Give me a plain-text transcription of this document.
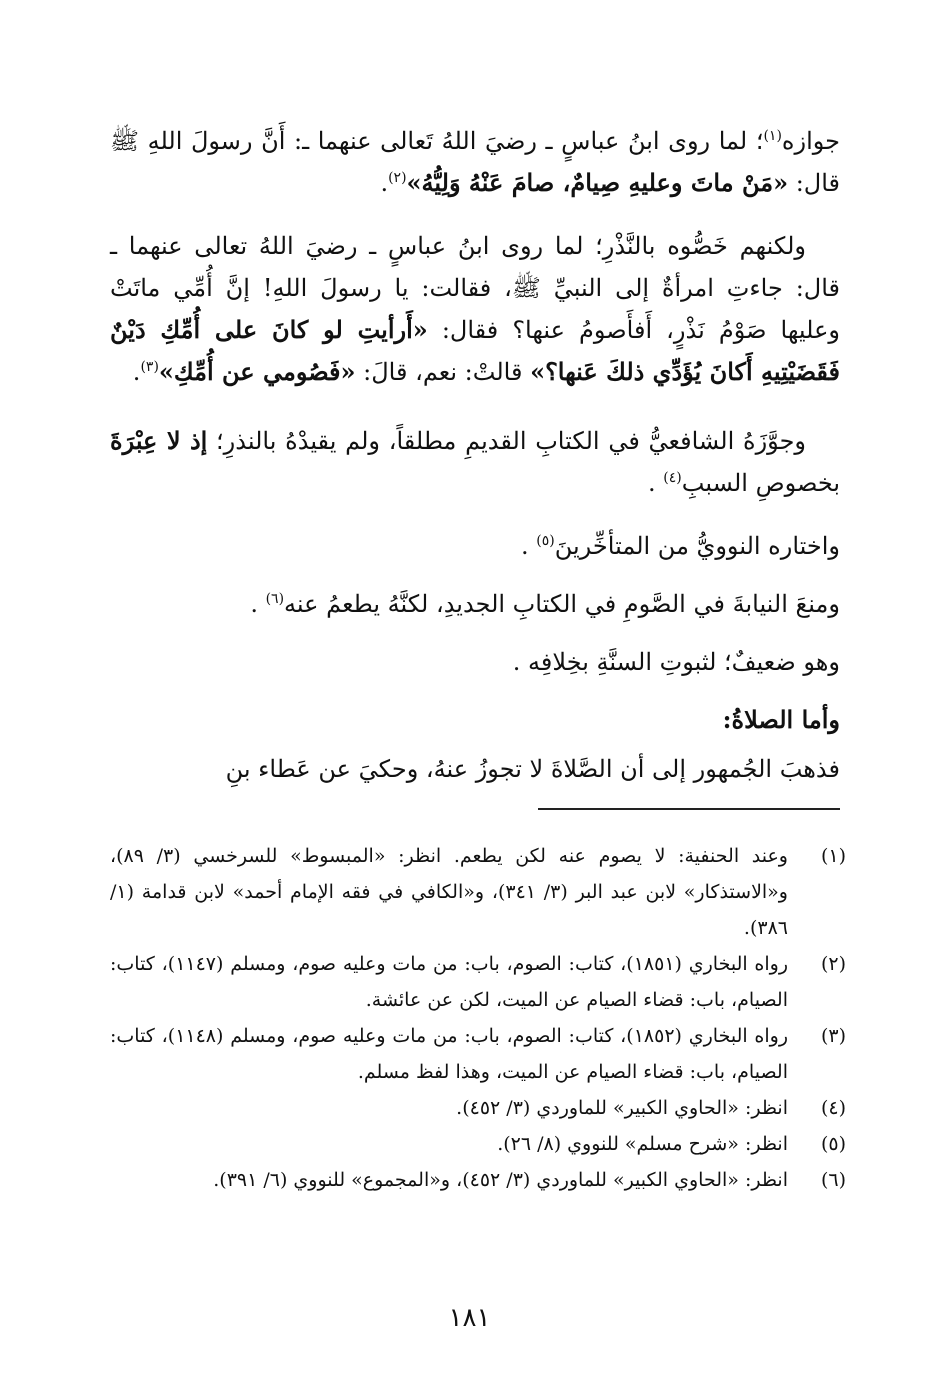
جوازه$^{(١)}$؛ لما روى ابنُ عباسٍ ـ رضيَ اللهُ تَعالى عنهما ـ: أَنَّ رسولَ اللهِ ﷺ قال: «مَنْ ماتَ وعليهِ صِيامٌ، صامَ عَنْهُ وَلِيُّهُ»$^{(٢)}$.

ولكنهم خَصُّوه بالنَّذْرِ؛ لما روى ابنُ عباسٍ ـ رضيَ اللهُ تعالى عنهما ـ قال: جاءتِ امرأةٌ إلى النبيِّ ﷺ، فقالت: يا رسولَ اللهِ! إنَّ أُمِّي ماتَتْ وعليها صَوْمُ نَذْرٍ، أَفأَصومُ عنها؟ فقال: «أَرأيتِ لو كانَ على أُمِّكِ دَيْنٌ فَقَضَيْتِيهِ أَكانَ يُؤَدِّي ذلكَ عَنها؟» قالتْ: نعم، قالَ: «فَصُومي عن أُمِّكِ»$^{(٣)}$.

وجوَّزَهُ الشافعيُّ في الكتابِ القديمِ مطلقاً، ولم يقيدْهُ بالنذرِ؛ إذ لا عِبْرَةَ بخصوصِ السببِ$^{(٤)}$ .

واختاره النوويُّ من المتأخِّرينَ$^{(٥)}$ .
ومنعَ النيابةَ في الصَّومِ في الكتابِ الجديدِ، لكنَّهُ يطعمُ عنه$^{(٦)}$ .
وهو ضعيفٌ؛ لثبوتِ السنَّةِ بخِلافِه .
وأما الصلاةُ:
فذهبَ الجُمهور إلى أن الصَّلاةَ لا تجوزُ عنهُ، وحكيَ عن عَطاء بنِ
(١)
وعند الحنفية: لا يصوم عنه لكن يطعم. انظر: «المبسوط» للسرخسي (٣/ ٨٩)، و«الاستذكار» لابن عبد البر (٣/ ٣٤١)، و«الكافي في فقه الإمام أحمد» لابن قدامة (١/ ٣٨٦).
(٢)
رواه البخاري (١٨٥١)، كتاب: الصوم، باب: من مات وعليه صوم، ومسلم (١١٤٧)، كتاب: الصيام، باب: قضاء الصيام عن الميت، لكن عن عائشة.
(٣)
رواه البخاري (١٨٥٢)، كتاب: الصوم، باب: من مات وعليه صوم، ومسلم (١١٤٨)، كتاب: الصيام، باب: قضاء الصيام عن الميت، وهذا لفظ مسلم.
(٤)
انظر: «الحاوي الكبير» للماوردي (٣/ ٤٥٢).
(٥)
انظر: «شرح مسلم» للنووي (٨/ ٢٦).
(٦)
انظر: «الحاوي الكبير» للماوردي (٣/ ٤٥٢)، و«المجموع» للنووي (٦/ ٣٩١).
١٨١
